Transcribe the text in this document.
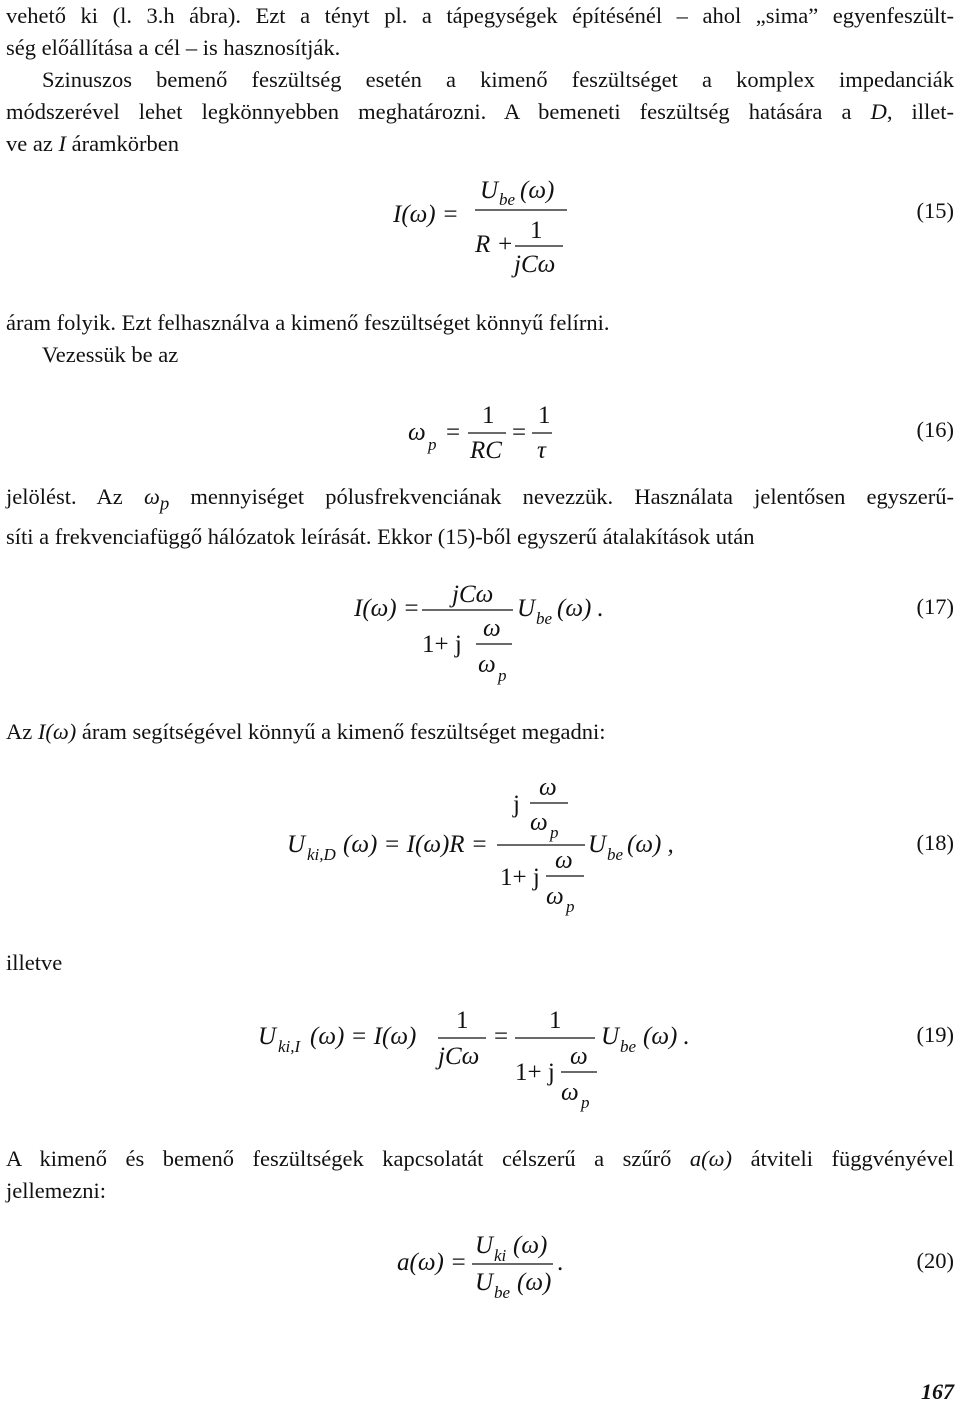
vehető ki (l. 3.h ábra). Ezt a tényt pl. a tápegységek építésénél – ahol „sima” egyenfeszült-
ség előállítása a cél – is hasznosítják.
Szinuszos bemenő feszültség esetén a kimenő feszültséget a komplex impedanciák
módszerével lehet legkönnyebben meghatározni. A bemeneti feszültség hatására a D, illet-
ve az I áramkörben
I(ω) =
U be (ω)
R +
1
jCω
(15)
áram folyik. Ezt felhasználva a kimenő feszültséget könnyű felírni.
Vezessük be az
ω p =
1
RC
=
1
τ
(16)
jelölést. Az $\omega_p$ mennyiséget pólusfrekvenciának nevezzük. Használata jelentősen egyszerű-
síti a frekvenciafüggő hálózatok leírását. Ekkor (15)-ből egyszerű átalakítások után
I(ω) =
jCω
1+ j
ω
ω p
U be (ω) .	(17)
Az I(ω) áram segítségével könnyű a kimenő feszültséget megadni:
U ki,D (ω) = I(ω)R =
j
ω
ω p
1+ j
ω
ω p
U be (ω) ,	(18)
illetve
U ki,I (ω) = I(ω)
1
jCω
=
1
1+ j
ω
ω p
U be (ω) .	(19)
A kimenő és bemenő feszültségek kapcsolatát célszerű a szűrő a(ω) átviteli függvényével
jellemezni:
a(ω) =
U ki (ω)
U be (ω)
.	(20)
167
